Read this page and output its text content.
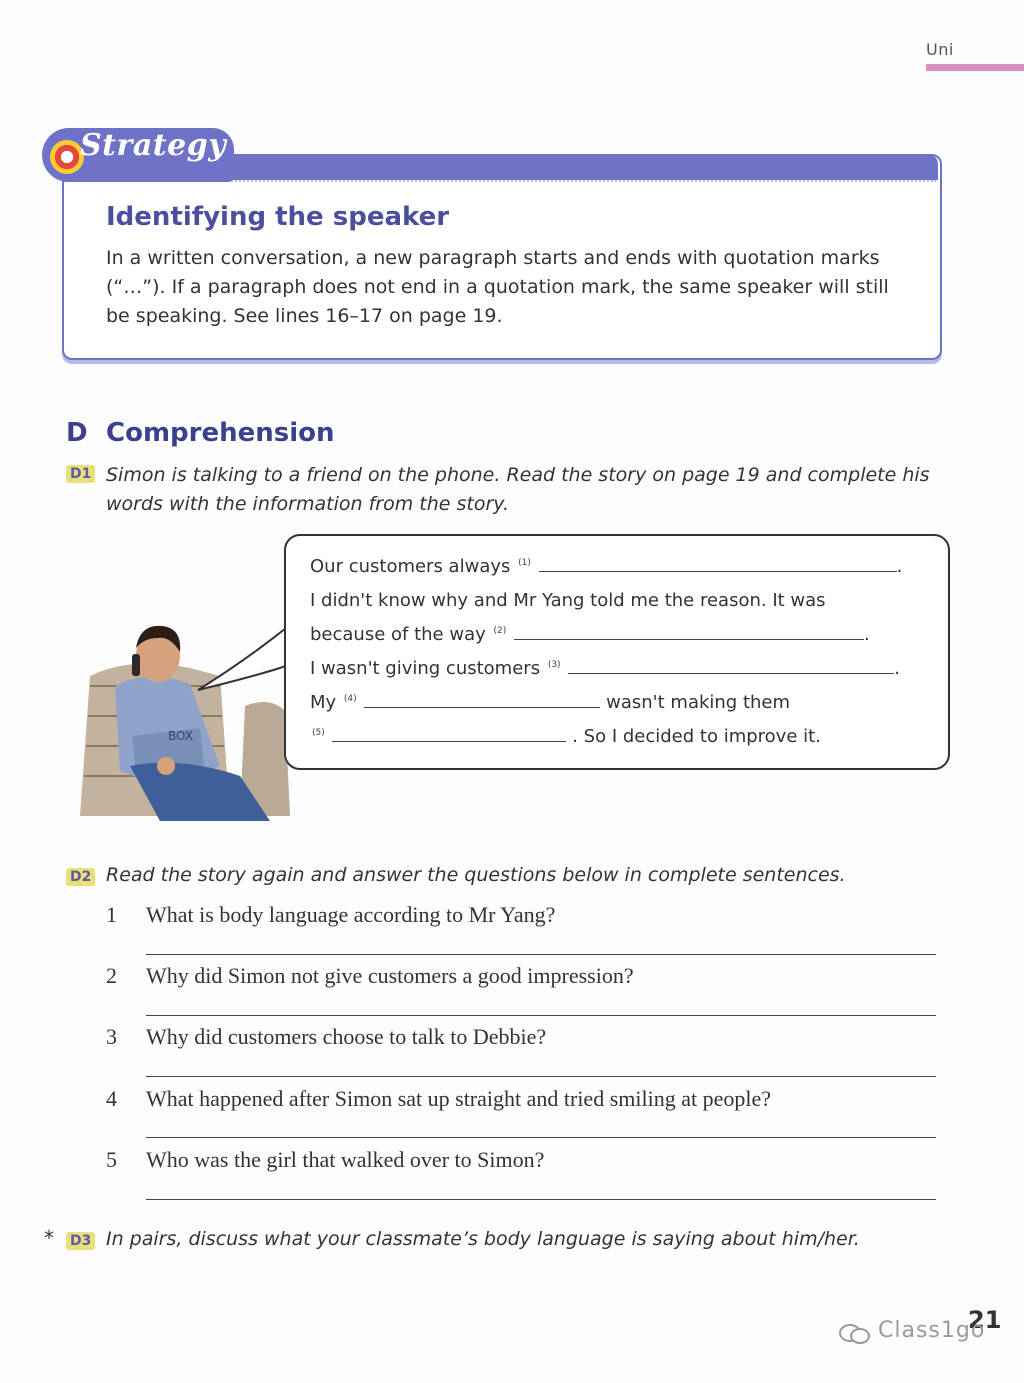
Uni
Strategy
Identifying the speaker
In a written conversation, a new paragraph starts and ends with quotation marks (“…”). If a paragraph does not end in a quotation mark, the same speaker will still be speaking. See lines 16–17 on page 19.
D Comprehension
D1 Simon is talking to a friend on the phone. Read the story on page 19 and complete his words with the information from the story.
BOX
Our customers always $^{(1)}$	.
I didn't know why and Mr Yang told me the reason. It was
because of the way $^{(2)}$	.
I wasn't giving customers $^{(3)}$	.
My $^{(4)}$	wasn't making them
$^{(5)}$	. So I decided to improve it.
D2 Read the story again and answer the questions below in complete sentences.
1 What is body language according to Mr Yang?
2 Why did Simon not give customers a good impression?
3 Why did customers choose to talk to Debbie?
4 What happened after Simon sat up straight and tried smiling at people?
5 Who was the girl that walked over to Simon?
* D3 In pairs, discuss what your classmate’s body language is saying about him/her.
21
Class1go
